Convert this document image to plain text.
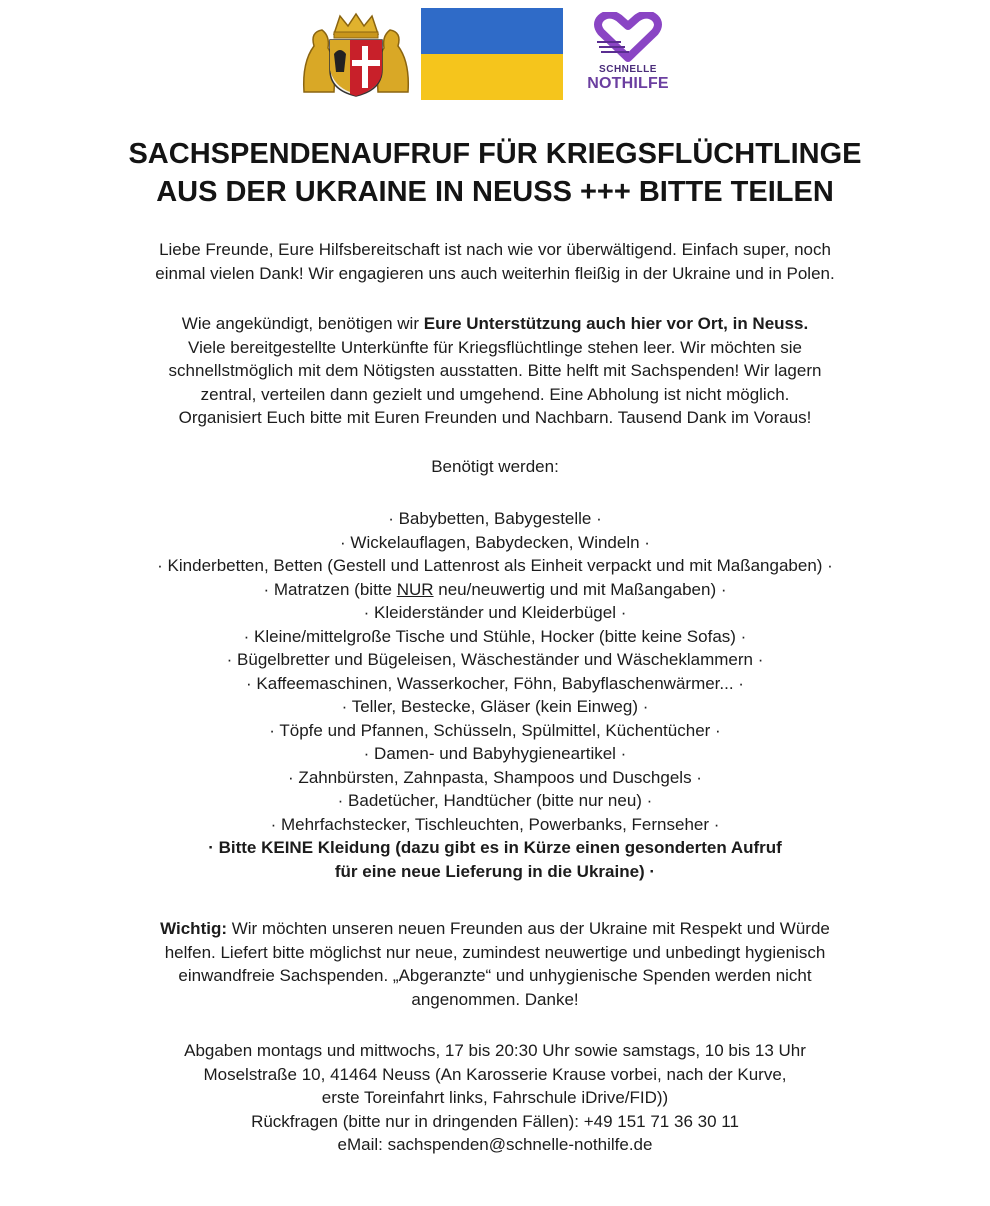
SCHNELLE
NOTHILFE
SACHSPENDENAUFRUF FÜR KRIEGSFLÜCHTLINGE
AUS DER UKRAINE IN NEUSS +++ BITTE TEILEN

Liebe Freunde, Eure Hilfsbereitschaft ist nach wie vor überwältigend. Einfach super, noch
einmal vielen Dank! Wir engagieren uns auch weiterhin fleißig in der Ukraine und in Polen.

Wie angekündigt, benötigen wir Eure Unterstützung auch hier vor Ort, in Neuss.
Viele bereitgestellte Unterkünfte für Kriegsflüchtlinge stehen leer. Wir möchten sie
schnellstmöglich mit dem Nötigsten ausstatten. Bitte helft mit Sachspenden! Wir lagern
zentral, verteilen dann gezielt und umgehend. Eine Abholung ist nicht möglich.
Organisiert Euch bitte mit Euren Freunden und Nachbarn. Tausend Dank im Voraus!

Benötigt werden:

· Babybetten, Babygestelle ·
· Wickelauflagen, Babydecken, Windeln ·
· Kinderbetten, Betten (Gestell und Lattenrost als Einheit verpackt und mit Maßangaben) ·
· Matratzen (bitte NUR neu/neuwertig und mit Maßangaben) ·
· Kleiderständer und Kleiderbügel ·
· Kleine/mittelgroße Tische und Stühle, Hocker (bitte keine Sofas) ·
· Bügelbretter und Bügeleisen, Wäscheständer und Wäscheklammern ·
· Kaffeemaschinen, Wasserkocher, Föhn, Babyflaschenwärmer... ·
· Teller, Bestecke, Gläser (kein Einweg) ·
· Töpfe und Pfannen, Schüsseln, Spülmittel, Küchentücher ·
· Damen- und Babyhygieneartikel ·
· Zahnbürsten, Zahnpasta, Shampoos und Duschgels ·
· Badetücher, Handtücher (bitte nur neu) ·
· Mehrfachstecker, Tischleuchten, Powerbanks, Fernseher ·
· Bitte KEINE Kleidung (dazu gibt es in Kürze einen gesonderten Aufruf
für eine neue Lieferung in die Ukraine) ·

Wichtig: Wir möchten unseren neuen Freunden aus der Ukraine mit Respekt und Würde
helfen. Liefert bitte möglichst nur neue, zumindest neuwertige und unbedingt hygienisch
einwandfreie Sachspenden. „Abgeranzte“ und unhygienische Spenden werden nicht
angenommen. Danke!

Abgaben montags und mittwochs, 17 bis 20:30 Uhr sowie samstags, 10 bis 13 Uhr
Moselstraße 10, 41464 Neuss (An Karosserie Krause vorbei, nach der Kurve,
erste Toreinfahrt links, Fahrschule iDrive/FID))
Rückfragen (bitte nur in dringenden Fällen): +49 151 71 36 30 11
eMail: sachspenden@schnelle-nothilfe.de
